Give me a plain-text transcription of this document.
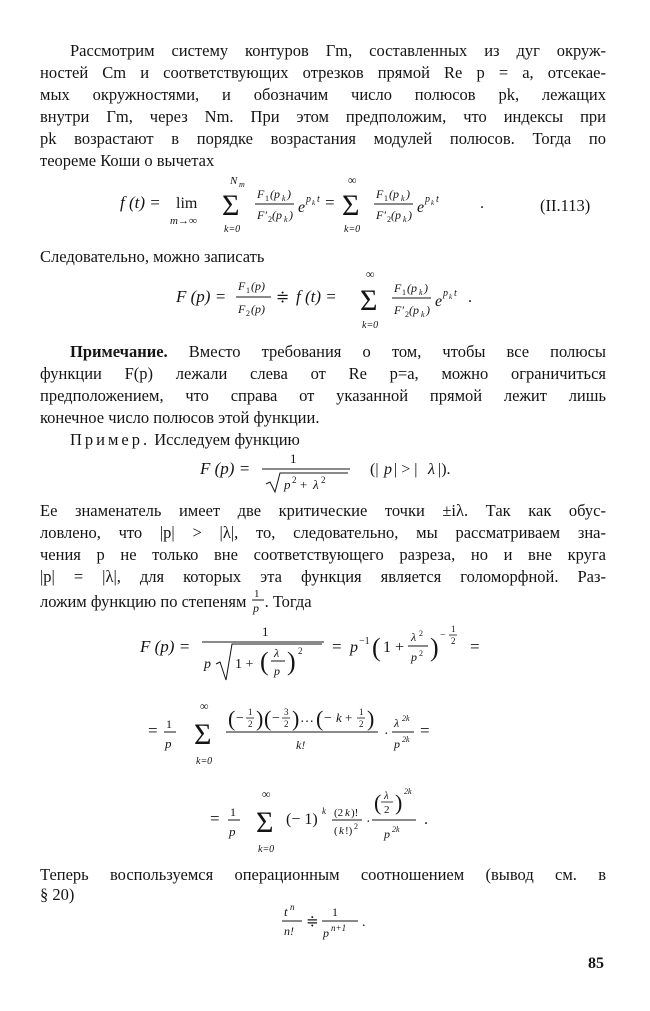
Рассмотрим систему контуров Γm, составленных из дуг окруж-
ностей Cm и соответствующих отрезков прямой Re p = a, отсекае-
мых окружностями, и обозначим число полюсов pk, лежащих
внутри Γm, через Nm. При этом предположим, что индексы при
pk возрастают в порядке возрастания модулей полюсов. Тогда по
теореме Коши о вычетах
f (t) = lim
m→∞
N m
Σ
k=0
F 1 (p k )
F′ 2 (p k ) e p k t =
∞
Σ
k=0
F 1 (p k )
F′ 2 (p k ) e p k t	.	(II.113)
Следовательно, можно записать
F (p) =
F 1 (p)
F 2 (p)
≑ f (t) =
∞
Σ
k=0
F 1 (p k )
F′ 2 (p k ) e p k t .
Примечание. Вместо требования о том, чтобы все полюсы
функции F(p) лежали слева от Re p=a, можно ограничиться
предположением, что справа от указанной прямой лежит лишь
конечное число полюсов этой функции.
Пример. Исследуем функцию
F (p) =
1
p 2 + λ 2
(| p | > | λ |).
Ее знаменатель имеет две критические точки ±iλ. Так как обус-
ловлено, что |p| > |λ|, то, следовательно, мы рассматриваем зна-
чения p не только вне соответствующего разреза, но и вне круга
|p| = |λ|, для которых эта функция является голоморфной. Раз-
ложим функцию по степеням 1
p . Тогда
F (p) =
1
p 1 + ( λ
p ) 2 = p −1 ( 1 +
λ 2
p 2 ) −
1
2 =
= 1
p
∞
Σ
k=0
( − 1
2 ) ( − 3
2 ) … ( − k + 1
2 )
k!
·
λ 2k
p 2k =
= 1
p
∞
Σ
k=0
(− 1) k (2 k )!
( k !) 2 ·
( λ
2 ) 2k
p 2k
.
Теперь воспользуемся операционным соотношением (вывод см. в
§ 20)
t n
n!
≑
1
p n+1 .
85
